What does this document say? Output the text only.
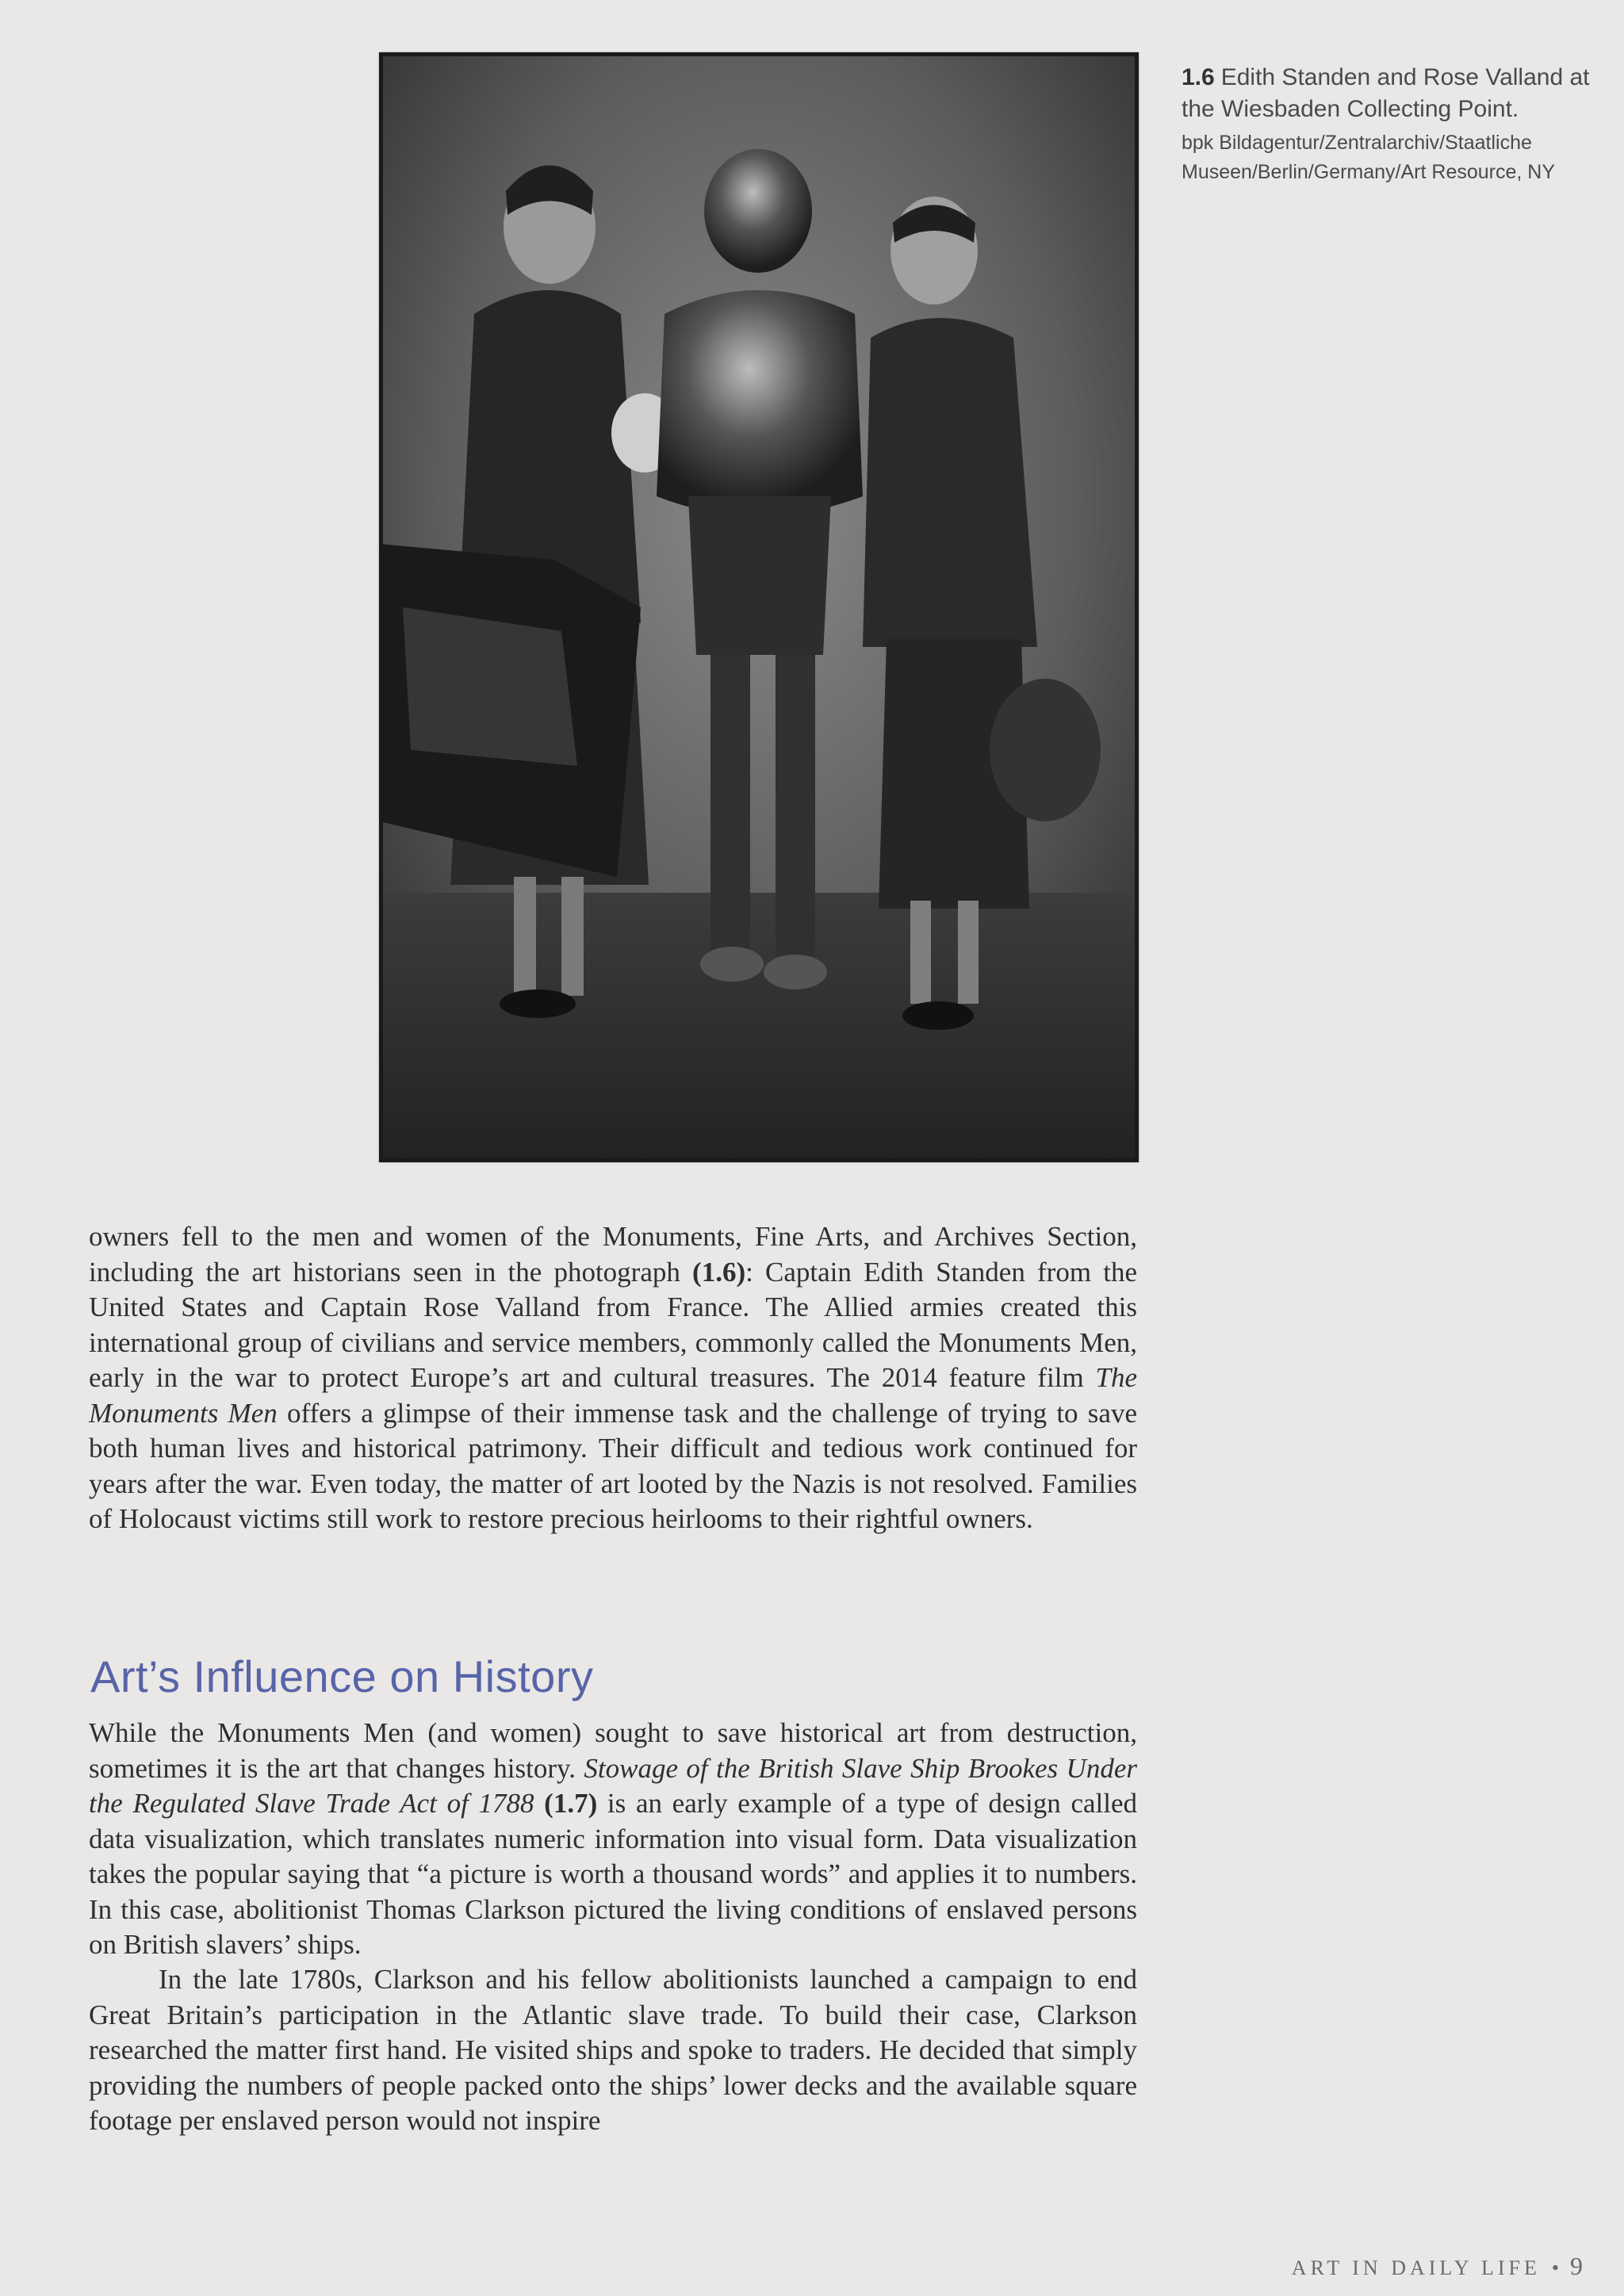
1.6 Edith Standen and Rose Valland at the Wiesbaden Collecting Point.
bpk Bildagentur/Zentralarchiv/Staatliche Museen/Berlin/Germany/Art Resource, NY
owners fell to the men and women of the Monuments, Fine Arts, and Archives Section, including the art historians seen in the photograph (1.6): Captain Edith Standen from the United States and Captain Rose Valland from France. The Allied armies created this international group of civilians and service members, commonly called the Monuments Men, early in the war to protect Europe’s art and cultural treasures. The 2014 feature film The Monuments Men offers a glimpse of their immense task and the challenge of trying to save both human lives and historical patrimony. Their difficult and tedious work continued for years after the war. Even today, the matter of art looted by the Nazis is not resolved. Families of Holocaust victims still work to restore precious heirlooms to their rightful owners.
Art’s Influence on History
While the Monuments Men (and women) sought to save historical art from destruction, sometimes it is the art that changes history. Stowage of the British Slave Ship Brookes Under the Regulated Slave Trade Act of 1788 (1.7) is an early example of a type of design called data visualization, which translates numeric information into visual form. Data visualization takes the popular saying that “a picture is worth a thousand words” and applies it to numbers. In this case, abolitionist Thomas Clarkson pictured the living conditions of enslaved persons on British slavers’ ships.
In the late 1780s, Clarkson and his fellow abolitionists launched a campaign to end Great Britain’s participation in the Atlantic slave trade. To build their case, Clarkson researched the matter first hand. He visited ships and spoke to traders. He decided that simply providing the numbers of people packed onto the ships’ lower decks and the available square footage per enslaved person would not inspire
ART IN DAILY LIFE • 9
